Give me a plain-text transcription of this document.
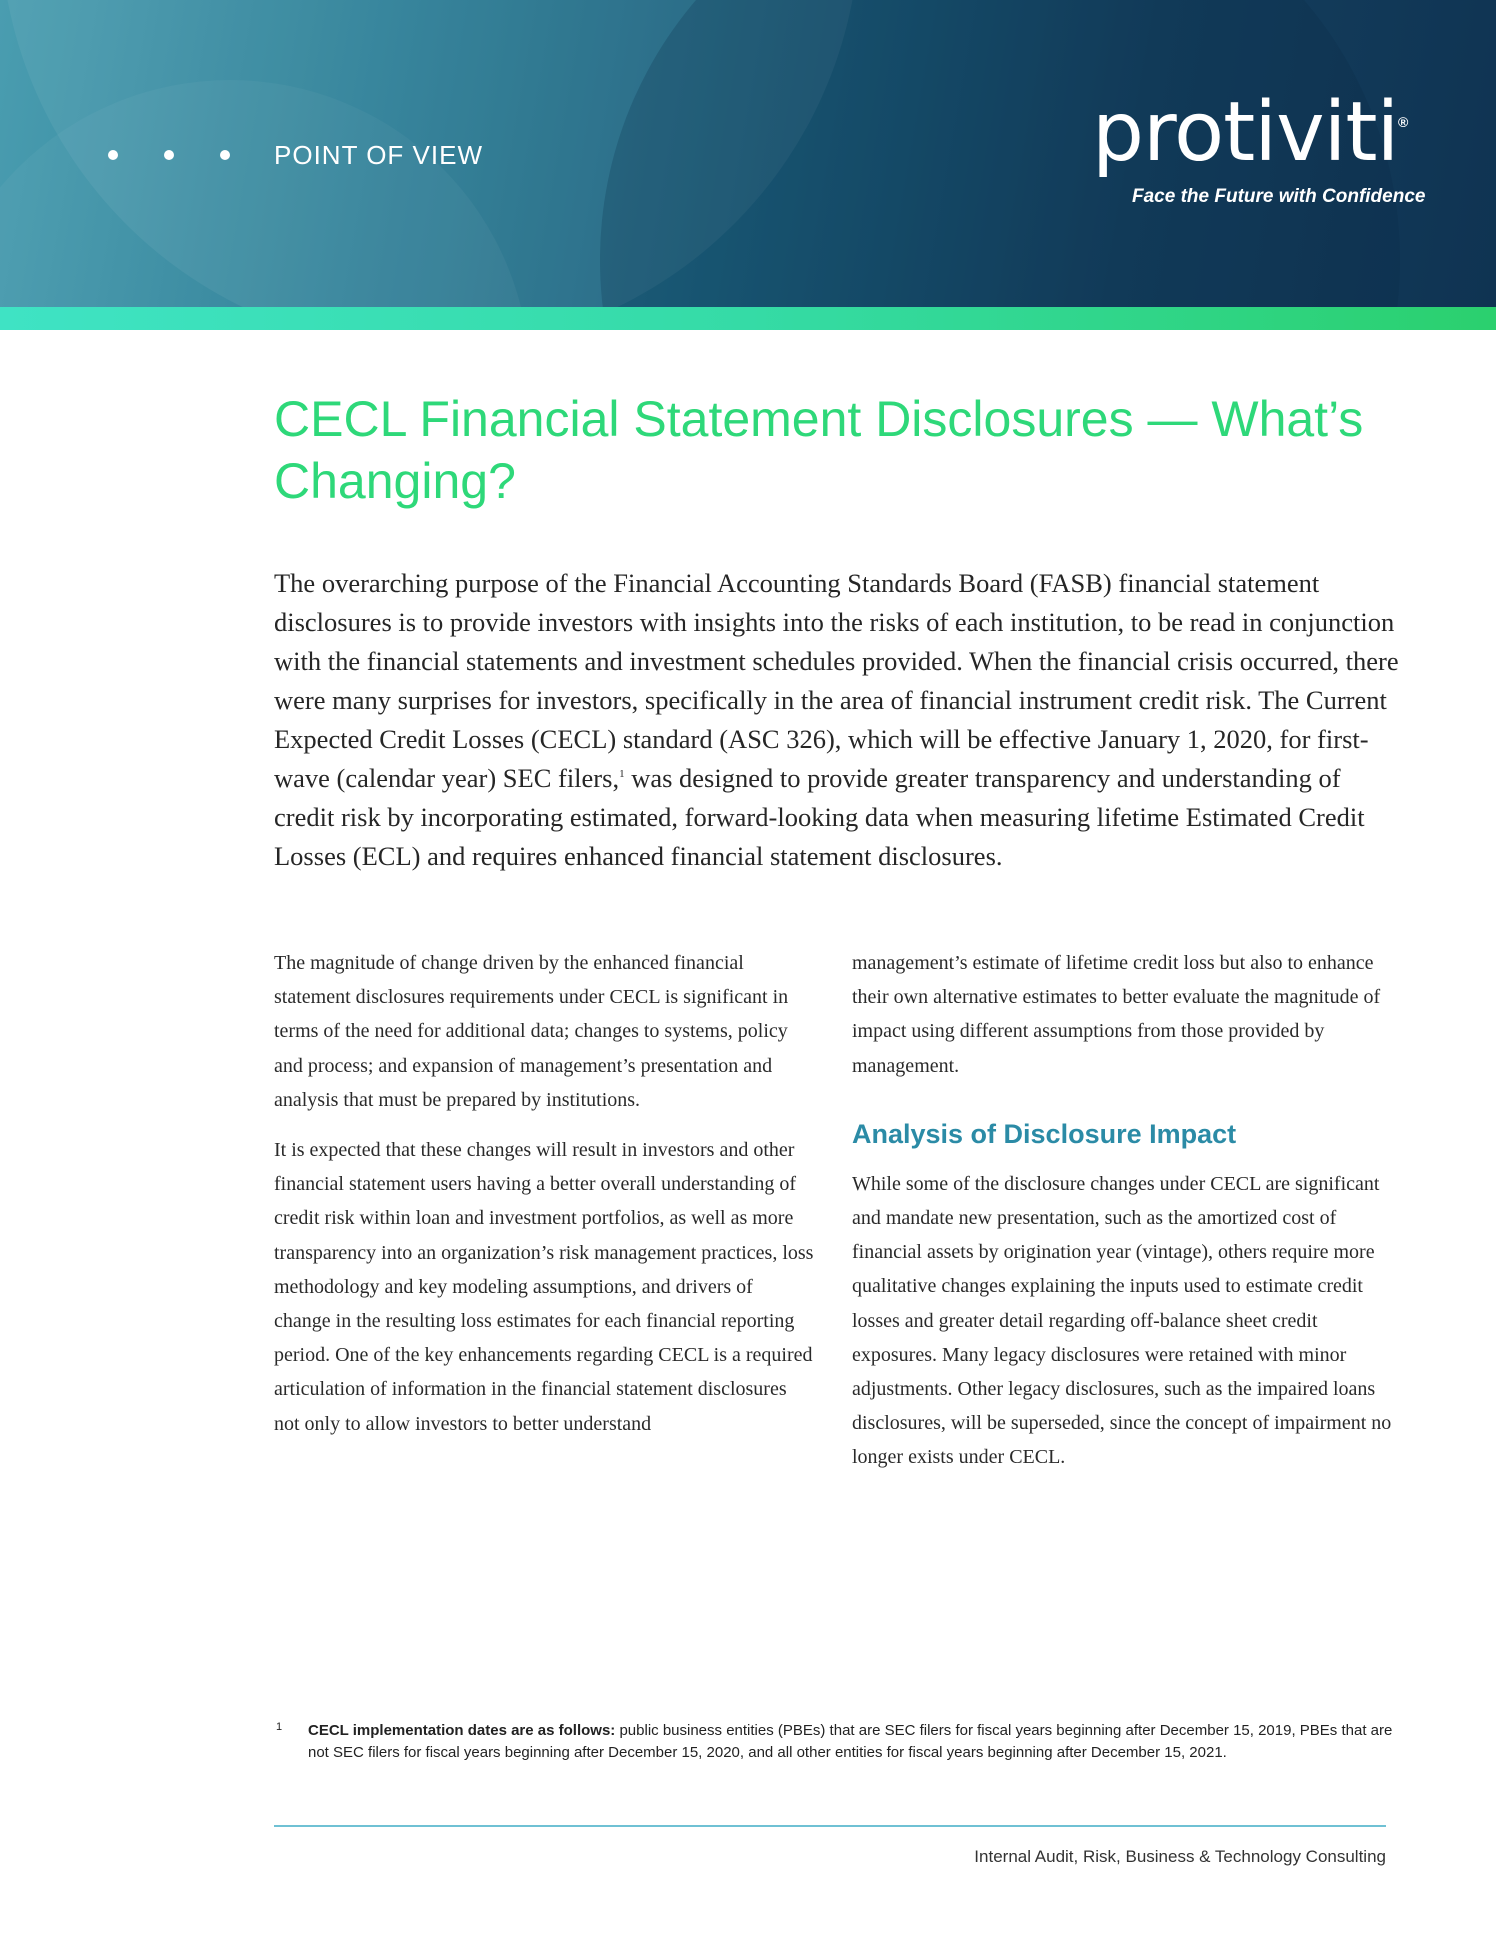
POINT OF VIEW	protiviti ®
Face the Future with Confidence
CECL Financial Statement Disclosures — What’s Changing?

The overarching purpose of the Financial Accounting Standards Board (FASB) financial statement disclosures is to provide investors with insights into the risks of each institution, to be read in conjunction with the financial statements and investment schedules provided. When the financial crisis occurred, there were many surprises for investors, specifically in the area of financial instrument credit risk. The Current Expected Credit Losses (CECL) standard (ASC 326), which will be effective January 1, 2020, for first-wave (calendar year) SEC filers,$^1$ was designed to provide greater transparency and understanding of credit risk by incorporating estimated, forward-looking data when measuring lifetime Estimated Credit Losses (ECL) and requires enhanced financial statement disclosures.

The magnitude of change driven by the enhanced financial statement disclosures requirements under CECL is significant in terms of the need for additional data; changes to systems, policy and process; and expansion of management’s presentation and analysis that must be prepared by institutions.

It is expected that these changes will result in investors and other financial statement users having a better overall understanding of credit risk within loan and investment portfolios, as well as more transparency into an organization’s risk management practices, loss methodology and key modeling assumptions, and drivers of change in the resulting loss estimates for each financial reporting period. One of the key enhancements regarding CECL is a required articulation of information in the financial statement disclosures not only to allow investors to better understand

management’s estimate of lifetime credit loss but also to enhance their own alternative estimates to better evaluate the magnitude of impact using different assumptions from those provided by management.

Analysis of Disclosure Impact

While some of the disclosure changes under CECL are significant and mandate new presentation, such as the amortized cost of financial assets by origination year (vintage), others require more qualitative changes explaining the inputs used to estimate credit losses and greater detail regarding off-balance sheet credit exposures. Many legacy disclosures were retained with minor adjustments. Other legacy disclosures, such as the impaired loans disclosures, will be superseded, since the concept of impairment no longer exists under CECL.

1 CECL implementation dates are as follows: public business entities (PBEs) that are SEC filers for fiscal years beginning after December 15, 2019, PBEs that are not SEC filers for fiscal years beginning after December 15, 2020, and all other entities for fiscal years beginning after December 15, 2021.
Internal Audit, Risk, Business & Technology Consulting
